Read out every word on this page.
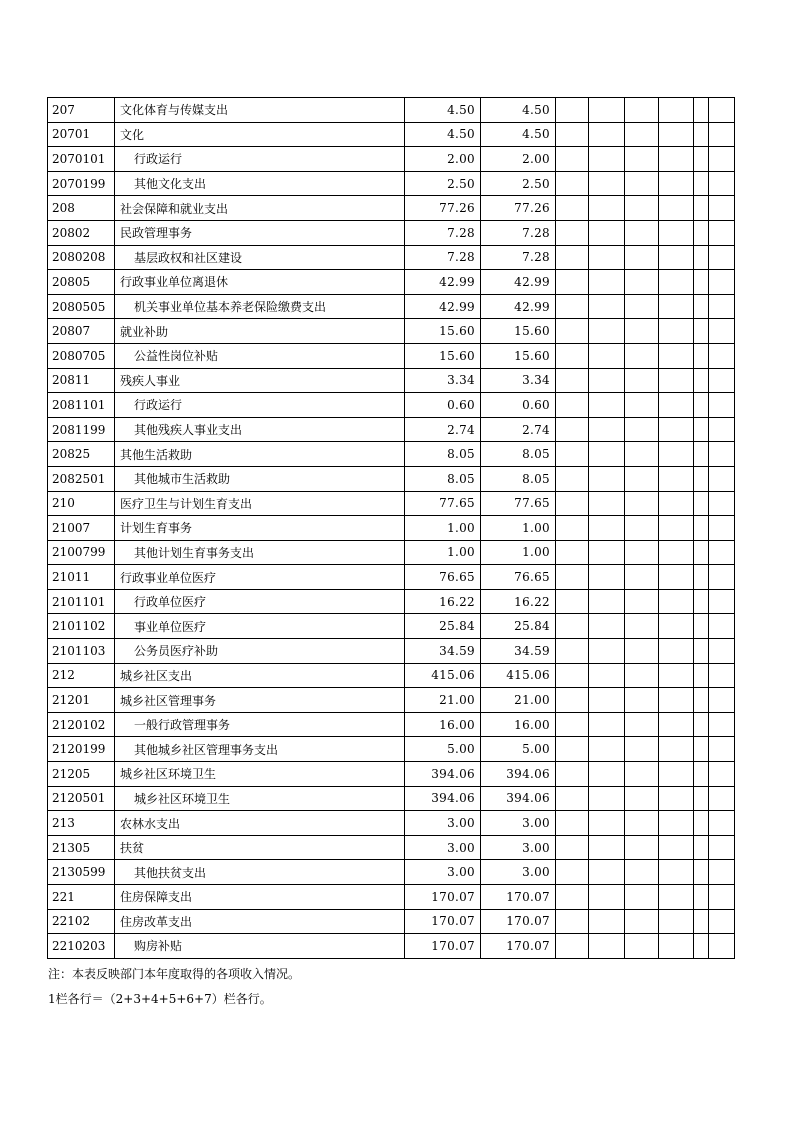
207	文化体育与传媒支出	4.50	4.50						
20701	文化	4.50	4.50						
2070101	行政运行	2.00	2.00						
2070199	其他文化支出	2.50	2.50						
208	社会保障和就业支出	77.26	77.26						
20802	民政管理事务	7.28	7.28						
2080208	基层政权和社区建设	7.28	7.28						
20805	行政事业单位离退休	42.99	42.99						
2080505	机关事业单位基本养老保险缴费支出	42.99	42.99						
20807	就业补助	15.60	15.60						
2080705	公益性岗位补贴	15.60	15.60						
20811	残疾人事业	3.34	3.34						
2081101	行政运行	0.60	0.60						
2081199	其他残疾人事业支出	2.74	2.74						
20825	其他生活救助	8.05	8.05						
2082501	其他城市生活救助	8.05	8.05						
210	医疗卫生与计划生育支出	77.65	77.65						
21007	计划生育事务	1.00	1.00						
2100799	其他计划生育事务支出	1.00	1.00						
21011	行政事业单位医疗	76.65	76.65						
2101101	行政单位医疗	16.22	16.22						
2101102	事业单位医疗	25.84	25.84						
2101103	公务员医疗补助	34.59	34.59						
212	城乡社区支出	415.06	415.06						
21201	城乡社区管理事务	21.00	21.00						
2120102	一般行政管理事务	16.00	16.00						
2120199	其他城乡社区管理事务支出	5.00	5.00						
21205	城乡社区环境卫生	394.06	394.06						
2120501	城乡社区环境卫生	394.06	394.06						
213	农林水支出	3.00	3.00						
21305	扶贫	3.00	3.00						
2130599	其他扶贫支出	3.00	3.00						
221	住房保障支出	170.07	170.07						
22102	住房改革支出	170.07	170.07						
2210203	购房补贴	170.07	170.07						
注：本表反映部门本年度取得的各项收入情况。
1栏各行＝（2+3+4+5+6+7）栏各行。
